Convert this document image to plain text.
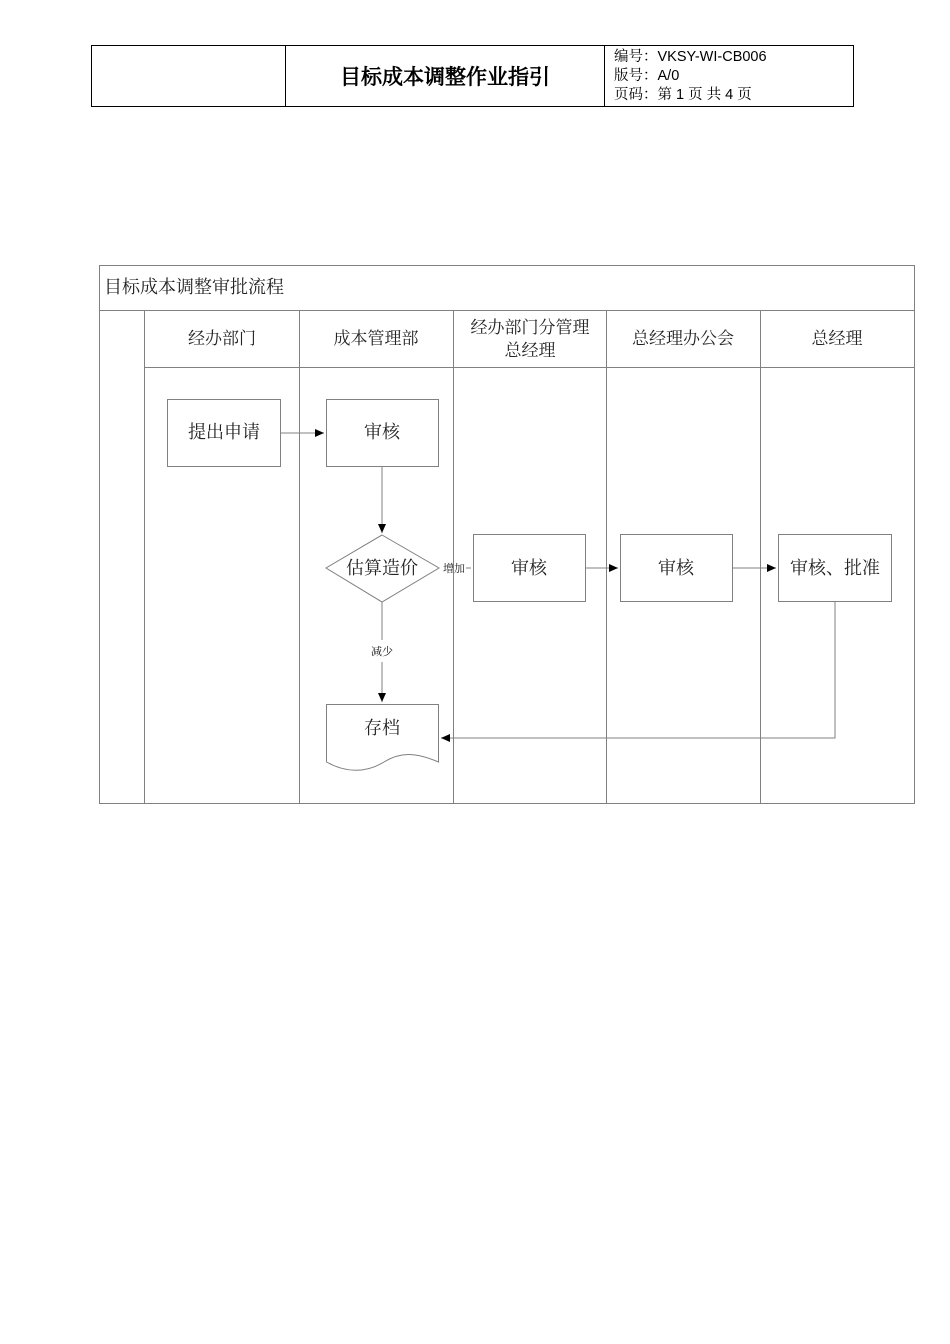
目标成本调整作业指引
编号：VKSY-WI-CB006
版号：A/0
页码：第 1 页 共 4 页
目标成本调整审批流程
经办部门	成本管理部
经办部门分管理
总经理
总经理办公会	总经理
提出申请	审核
估算造价	审核	审核	审核、批准
存档
增加
减少
